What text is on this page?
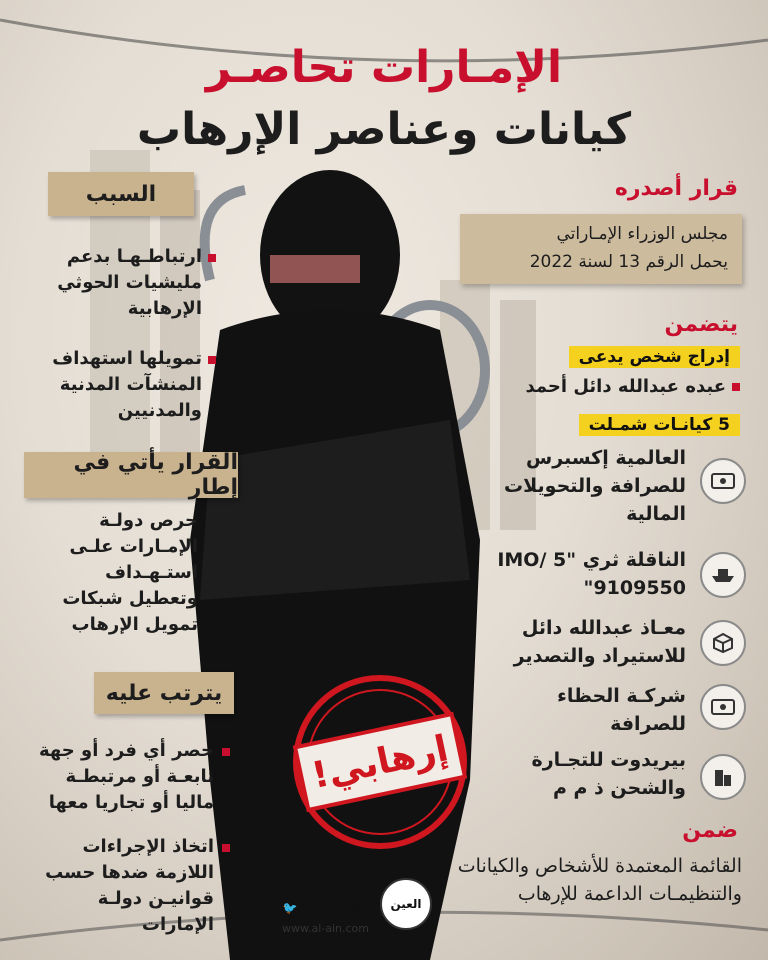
إرهابي!
الإمـارات تحاصـر
كيانات وعناصر الإرهاب
السبب
ارتباطـهـا بدعم مليشيات الحوثي الإرهابية
تمويلها استهداف المنشآت المدنية والمدنيين
القرار يأتي في إطار
حرص دولـة الإمـارات علـى استـهـداف وتعطيل شبكات تمويل الإرهاب
يترتب عليه
حصر أي فرد أو جهة تابعـة أو مرتبطـة ماليا أو تجاريا معها
اتخاذ الإجراءات اللازمة ضدها حسب قوانيـن دولـة الإمارات
قرار أصدره
مجلس الوزراء الإمـاراتي
يحمل الرقم 13 لسنة 2022
يتضمن
إدراج شخص يدعى
عبده عبدالله دائل أحمد
5 كيانـات شمـلت
العالمية إكسبرس للصرافة والتحويلات المالية
الناقلة ثري "IMO/ 5 9109550"
معـاذ عبدالله دائل للاستيراد والتصدير
شركـة الحظاء للصرافة
بيريدوت للتجـارة والشحن ذ م م
ضمن
القائمة المعتمدة للأشخاص والكيانات والتنظيمـات الداعمة للإرهاب
🐦 f	▶ ◎
www.al-ain.com
العين
